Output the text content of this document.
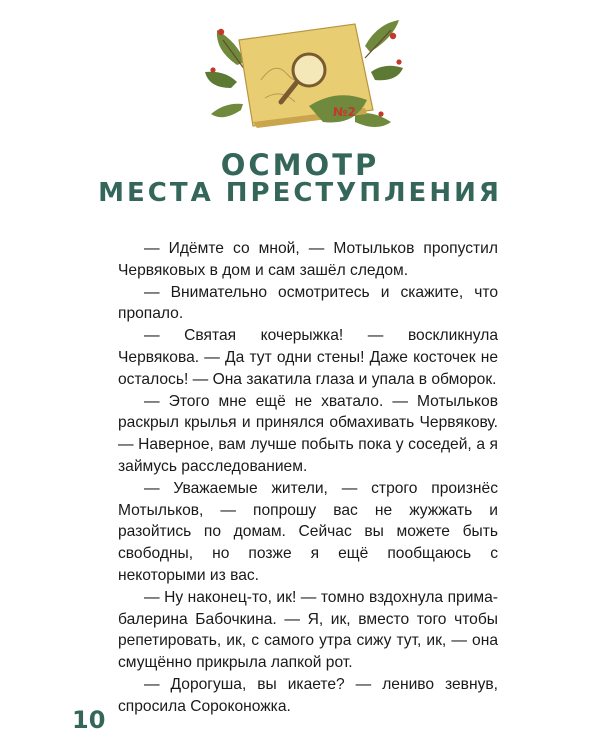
№2
ОСМОТР
МЕСТА ПРЕСТУПЛЕНИЯ

— Идёмте со мной, — Мотыльков пропустил Червяковых в дом и сам зашёл следом.

— Внимательно осмотритесь и скажите, что пропало.

— Святая кочерыжка! — воскликнула Червякова. — Да тут одни стены! Даже косточек не осталось! — Она закатила глаза и упала в обморок.

— Этого мне ещё не хватало. — Мотыльков раскрыл крылья и принялся обмахивать Червякову. — Наверное, вам лучше побыть пока у соседей, а я займусь расследованием.

— Уважаемые жители, — строго произнёс Мотыльков, — попрошу вас не жужжать и разойтись по домам. Сейчас вы можете быть свободны, но позже я ещё пообщаюсь с некоторыми из вас.

— Ну наконец-то, ик! — томно вздохнула прима-балерина Бабочкина. — Я, ик, вместо того чтобы репетировать, ик, с самого утра сижу тут, ик, — она смущённо прикрыла лапкой рот.

— Дорогуша, вы икаете? — лениво зевнув, спросила Сороконожка.

10
